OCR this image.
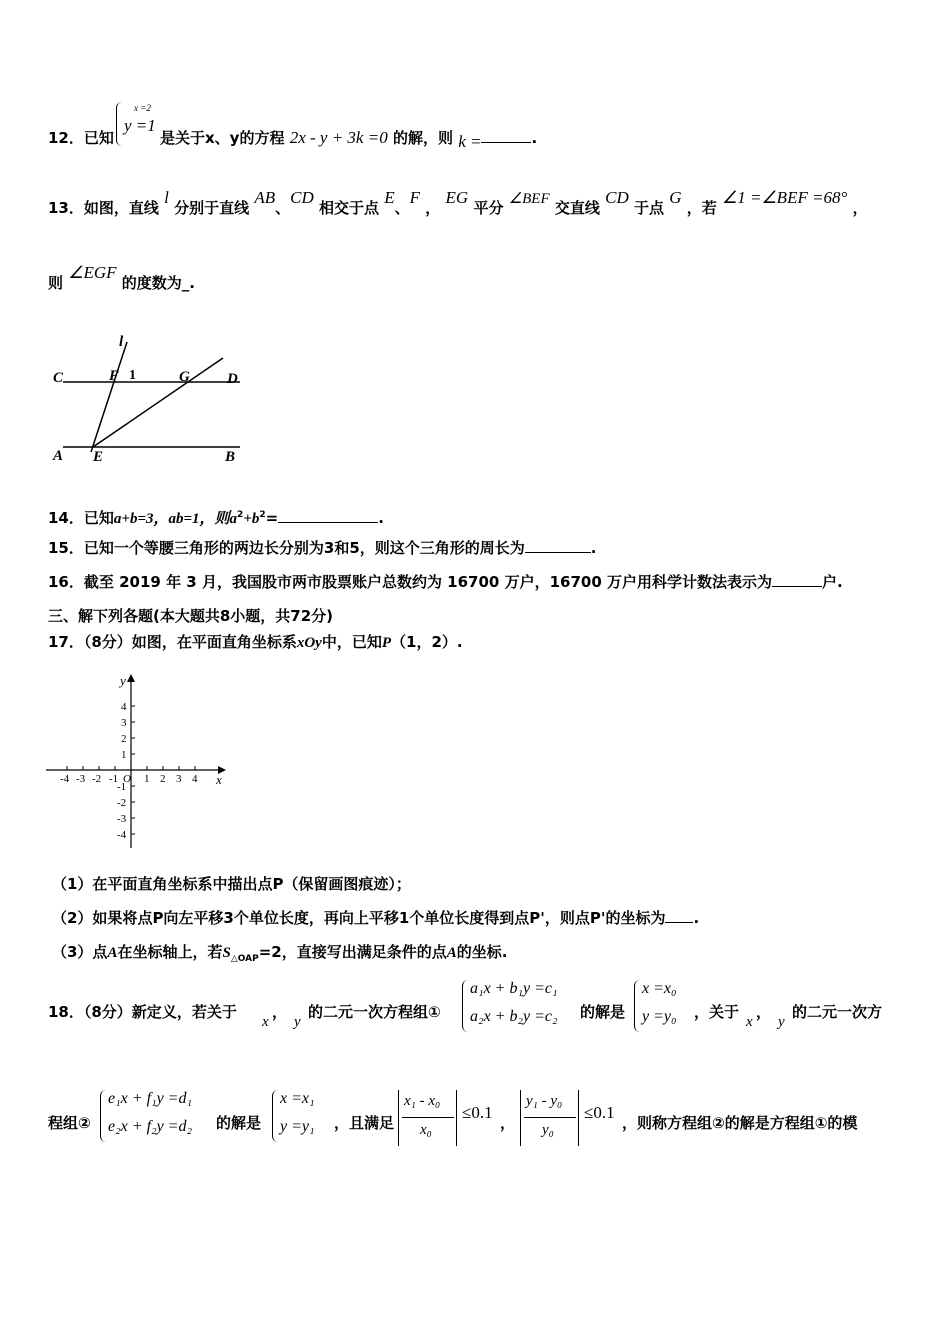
12．已知
x =2
y =1
是关于x、y的方程 2x - y + 3k =0 的解，则 k =	.
13．如图，直线 l 分别于直线 AB、CD 相交于点 E、F ， EG 平分 ∠BEF 交直线 CD 于点 G ，若 ∠1 =∠BEF =68° ，
则 ∠EGF 的度数为_.
l
C	F 1	G D
A E	B
14．已知a+b=3，ab=1，则$a^2+b^2=$	.
15．已知一个等腰三角形的两边长分别为3和5，则这个三角形的周长为	.
16．截至 2019 年 3 月，我国股市两市股票账户总数约为 16700 万户，16700 万户用科学计数法表示为	户.
三、解下列各题(本大题共8小题，共72分)
17．（8分）如图，在平面直角坐标系xOy中，已知P（1，2）.
y
x
O
4
3
2
1
-1
-2
-3
-4
-4 -3 -2 -1 1 2 3 4
（1）在平面直角坐标系中描出点P（保留画图痕迹）；
（2）如果将点P向左平移3个单位长度，再向上平移1个单位长度得到点P'，则点P'的坐标为 .
（3）点A在坐标轴上，若$S_{\triangle OAP}=2$，直接写出满足条件的点A的坐标.
18．（8分）新定义，若关于
x
，
y
的二元一次方程组①
a₁x + b₁y =c₁
a₂x + b₂y =c₂ 的解是
x =x₀
y =y₀ ，关于
x
，
y
的二元一次方
程组②
e₁x + f₁y =d₁
e₂x + f₂y =d₂ 的解是
x =x₁
y =y₁ ，且满足
x₁ - x₀
x₀
≤0.1
，
y₁ - y₀
y₀
≤0.1
，则称方程组②的解是方程组①的模
